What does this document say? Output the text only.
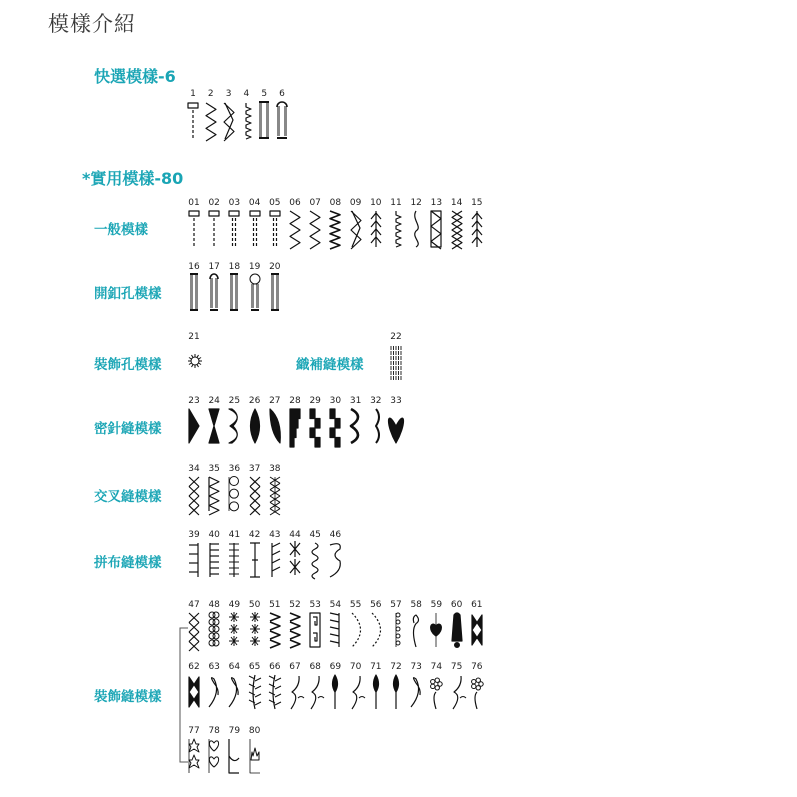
模樣介紹
快選模樣-6
*實用模樣-80
一般模樣
開釦孔模樣
裝飾孔模樣	織補縫模樣
密針縫模樣
交叉縫模樣
拼布縫模樣
裝飾縫模樣
1	2	3	4	5	6
01 02 03 04 05 06 07 08 09 10 11 12 13 14 15
16 17 18 19 20
21	22
23 24 25 26 27 28 29 30 31 32 33
34 35 36 37 38
39 40 41 42 43 44 45 46
47 48 49 50 51 52 53 54 55 56 57 58 59 60 61
62 63 64 65 66 67 68 69 70 71 72 73 74 75 76
77 78 79 80
